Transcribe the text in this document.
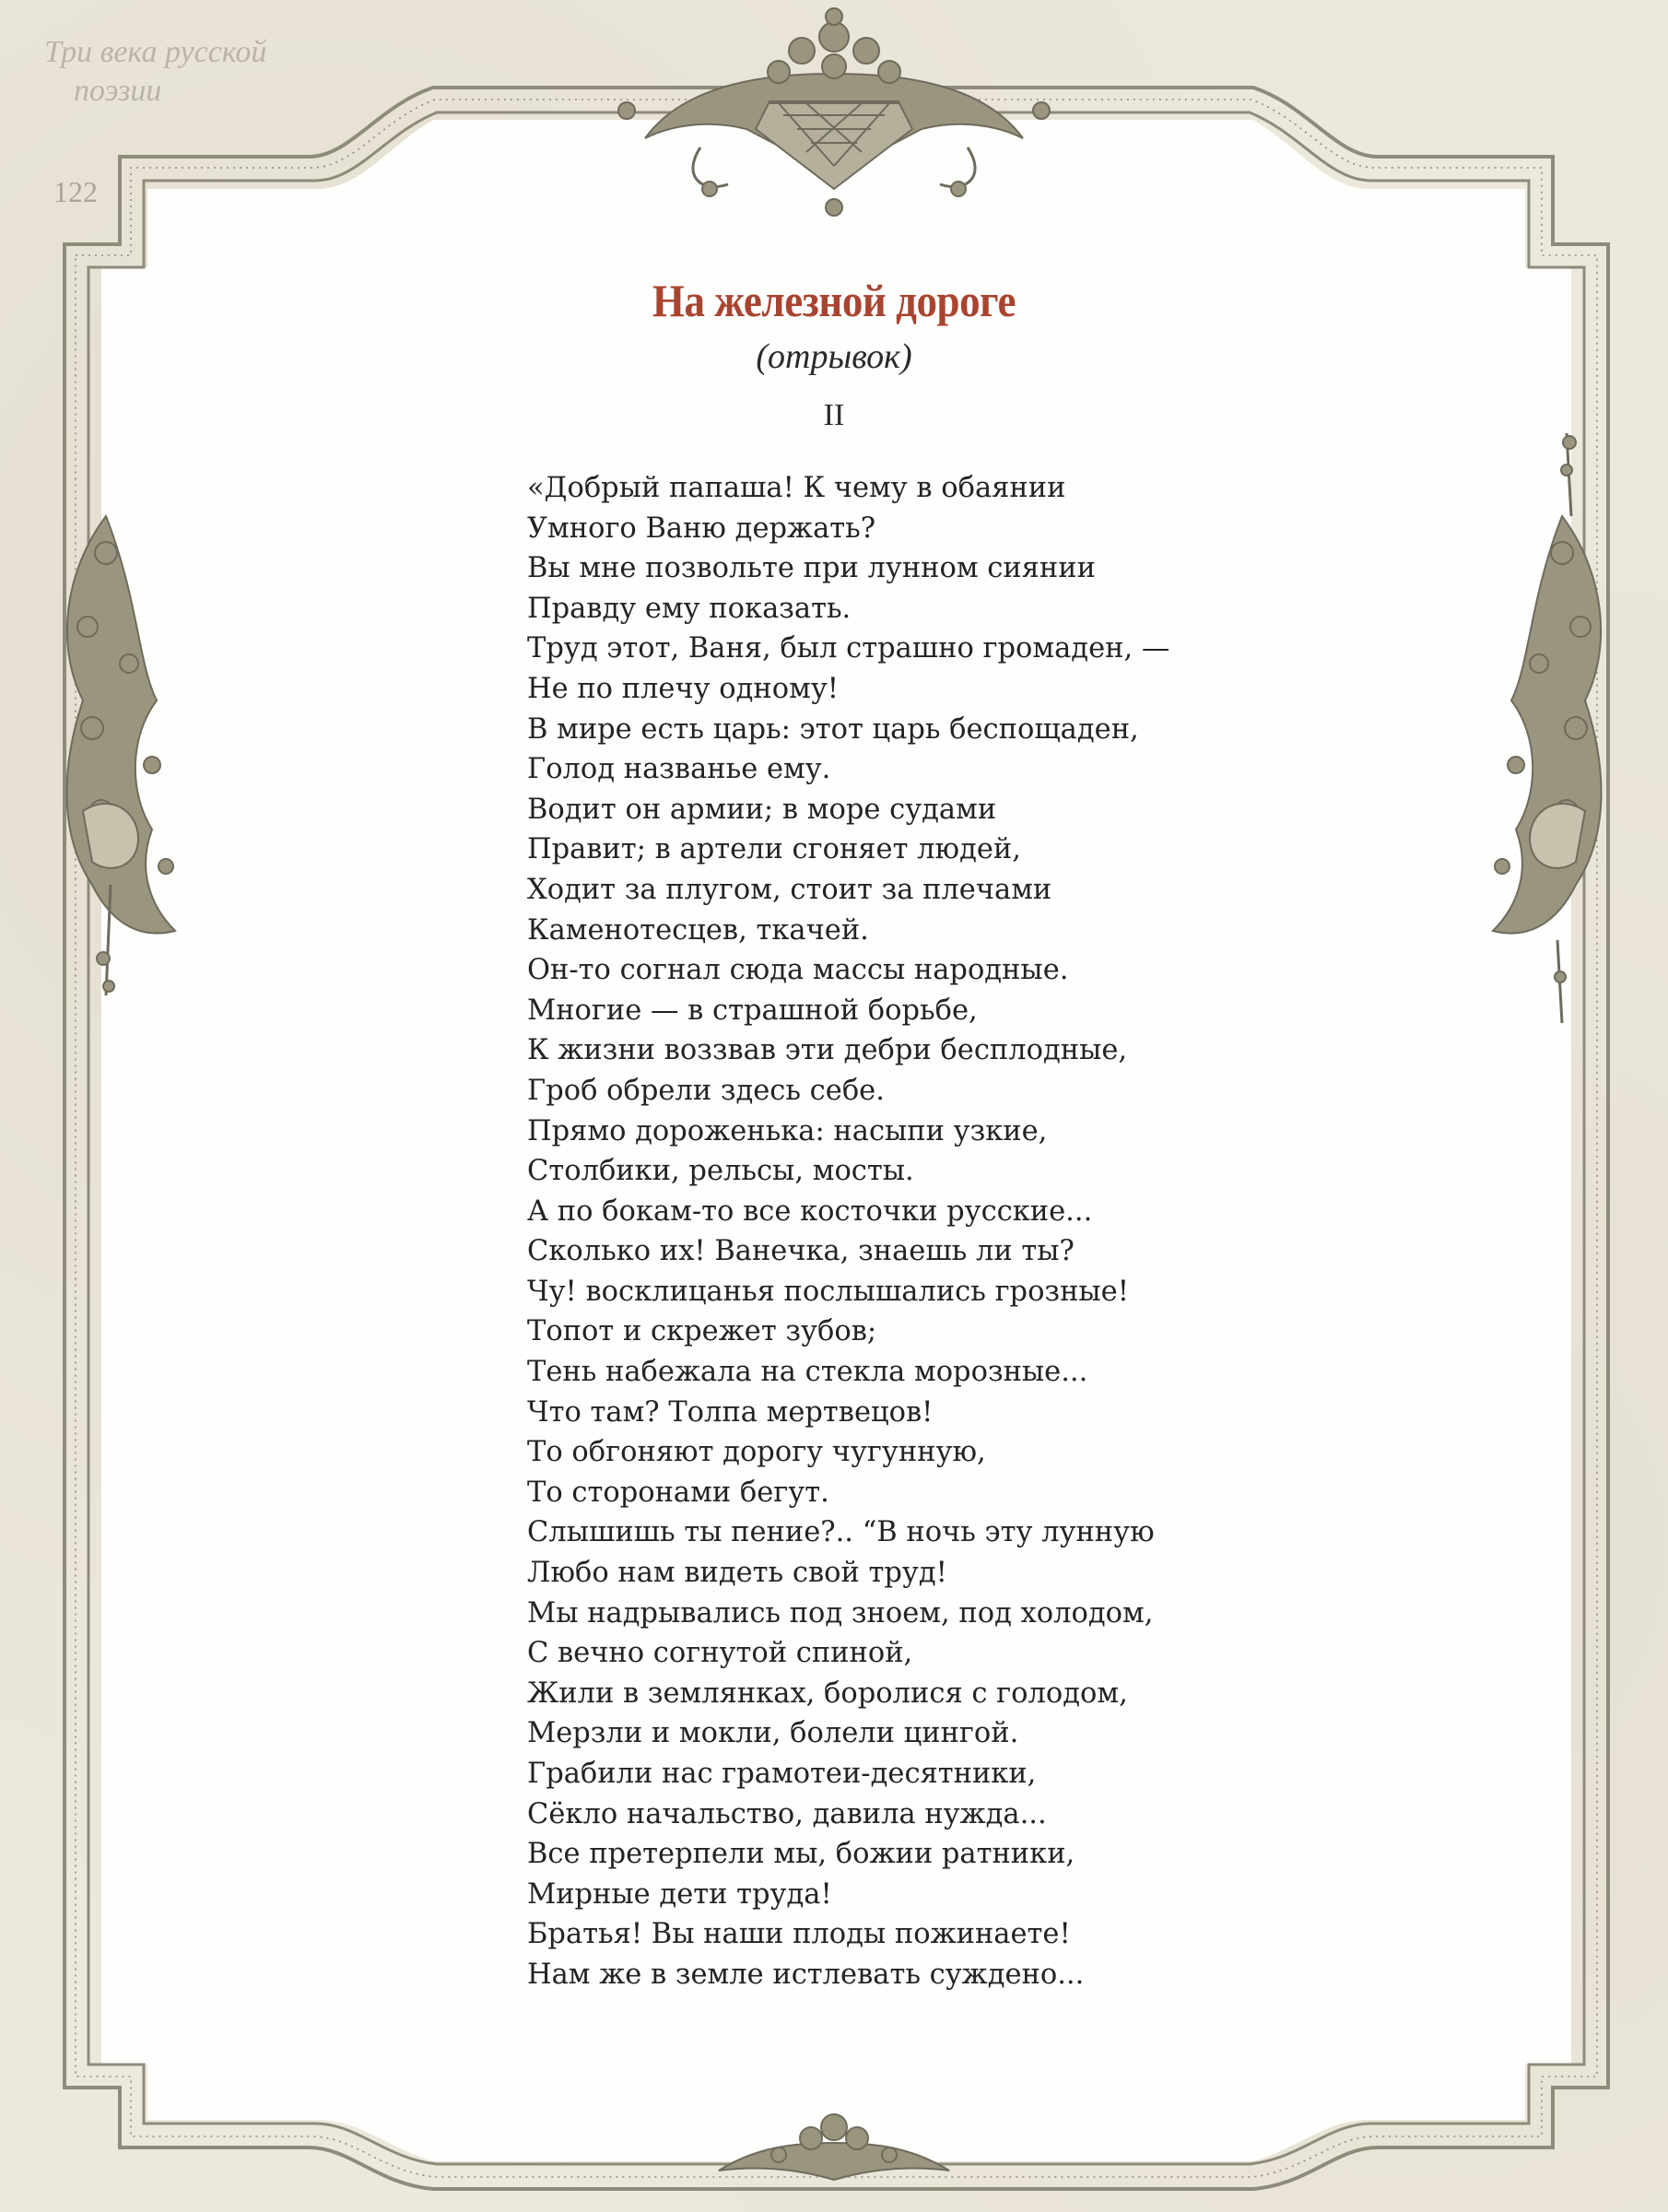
Три века русской
поэзии
122
На железной дороге
(отрывок)
II
«Добрый папаша! К чему в обаянии
Умного Ваню держать?
Вы мне позвольте при лунном сиянии
Правду ему показать.
Труд этот, Ваня, был страшно громаден, —
Не по плечу одному!
В мире есть царь: этот царь беспощаден,
Голод названье ему.
Водит он армии; в море судами
Правит; в артели сгоняет людей,
Ходит за плугом, стоит за плечами
Каменотесцев, ткачей.
Он-то согнал сюда массы народные.
Многие — в страшной борьбе,
К жизни воззвав эти дебри бесплодные,
Гроб обрели здесь себе.
Прямо дороженька: насыпи узкие,
Столбики, рельсы, мосты.
А по бокам-то все косточки русские...
Сколько их! Ванечка, знаешь ли ты?
Чу! восклицанья послышались грозные!
Топот и скрежет зубов;
Тень набежала на стекла морозные...
Что там? Толпа мертвецов!
То обгоняют дорогу чугунную,
То сторонами бегут.
Слышишь ты пение?.. “В ночь эту лунную
Любо нам видеть свой труд!
Мы надрывались под зноем, под холодом,
С вечно согнутой спиной,
Жили в землянках, боролися с голодом,
Мерзли и мокли, болели цингой.
Грабили нас грамотеи-десятники,
Сёкло начальство, давила нужда...
Все претерпели мы, божии ратники,
Мирные дети труда!
Братья! Вы наши плоды пожинаете!
Нам же в земле истлевать суждено...
